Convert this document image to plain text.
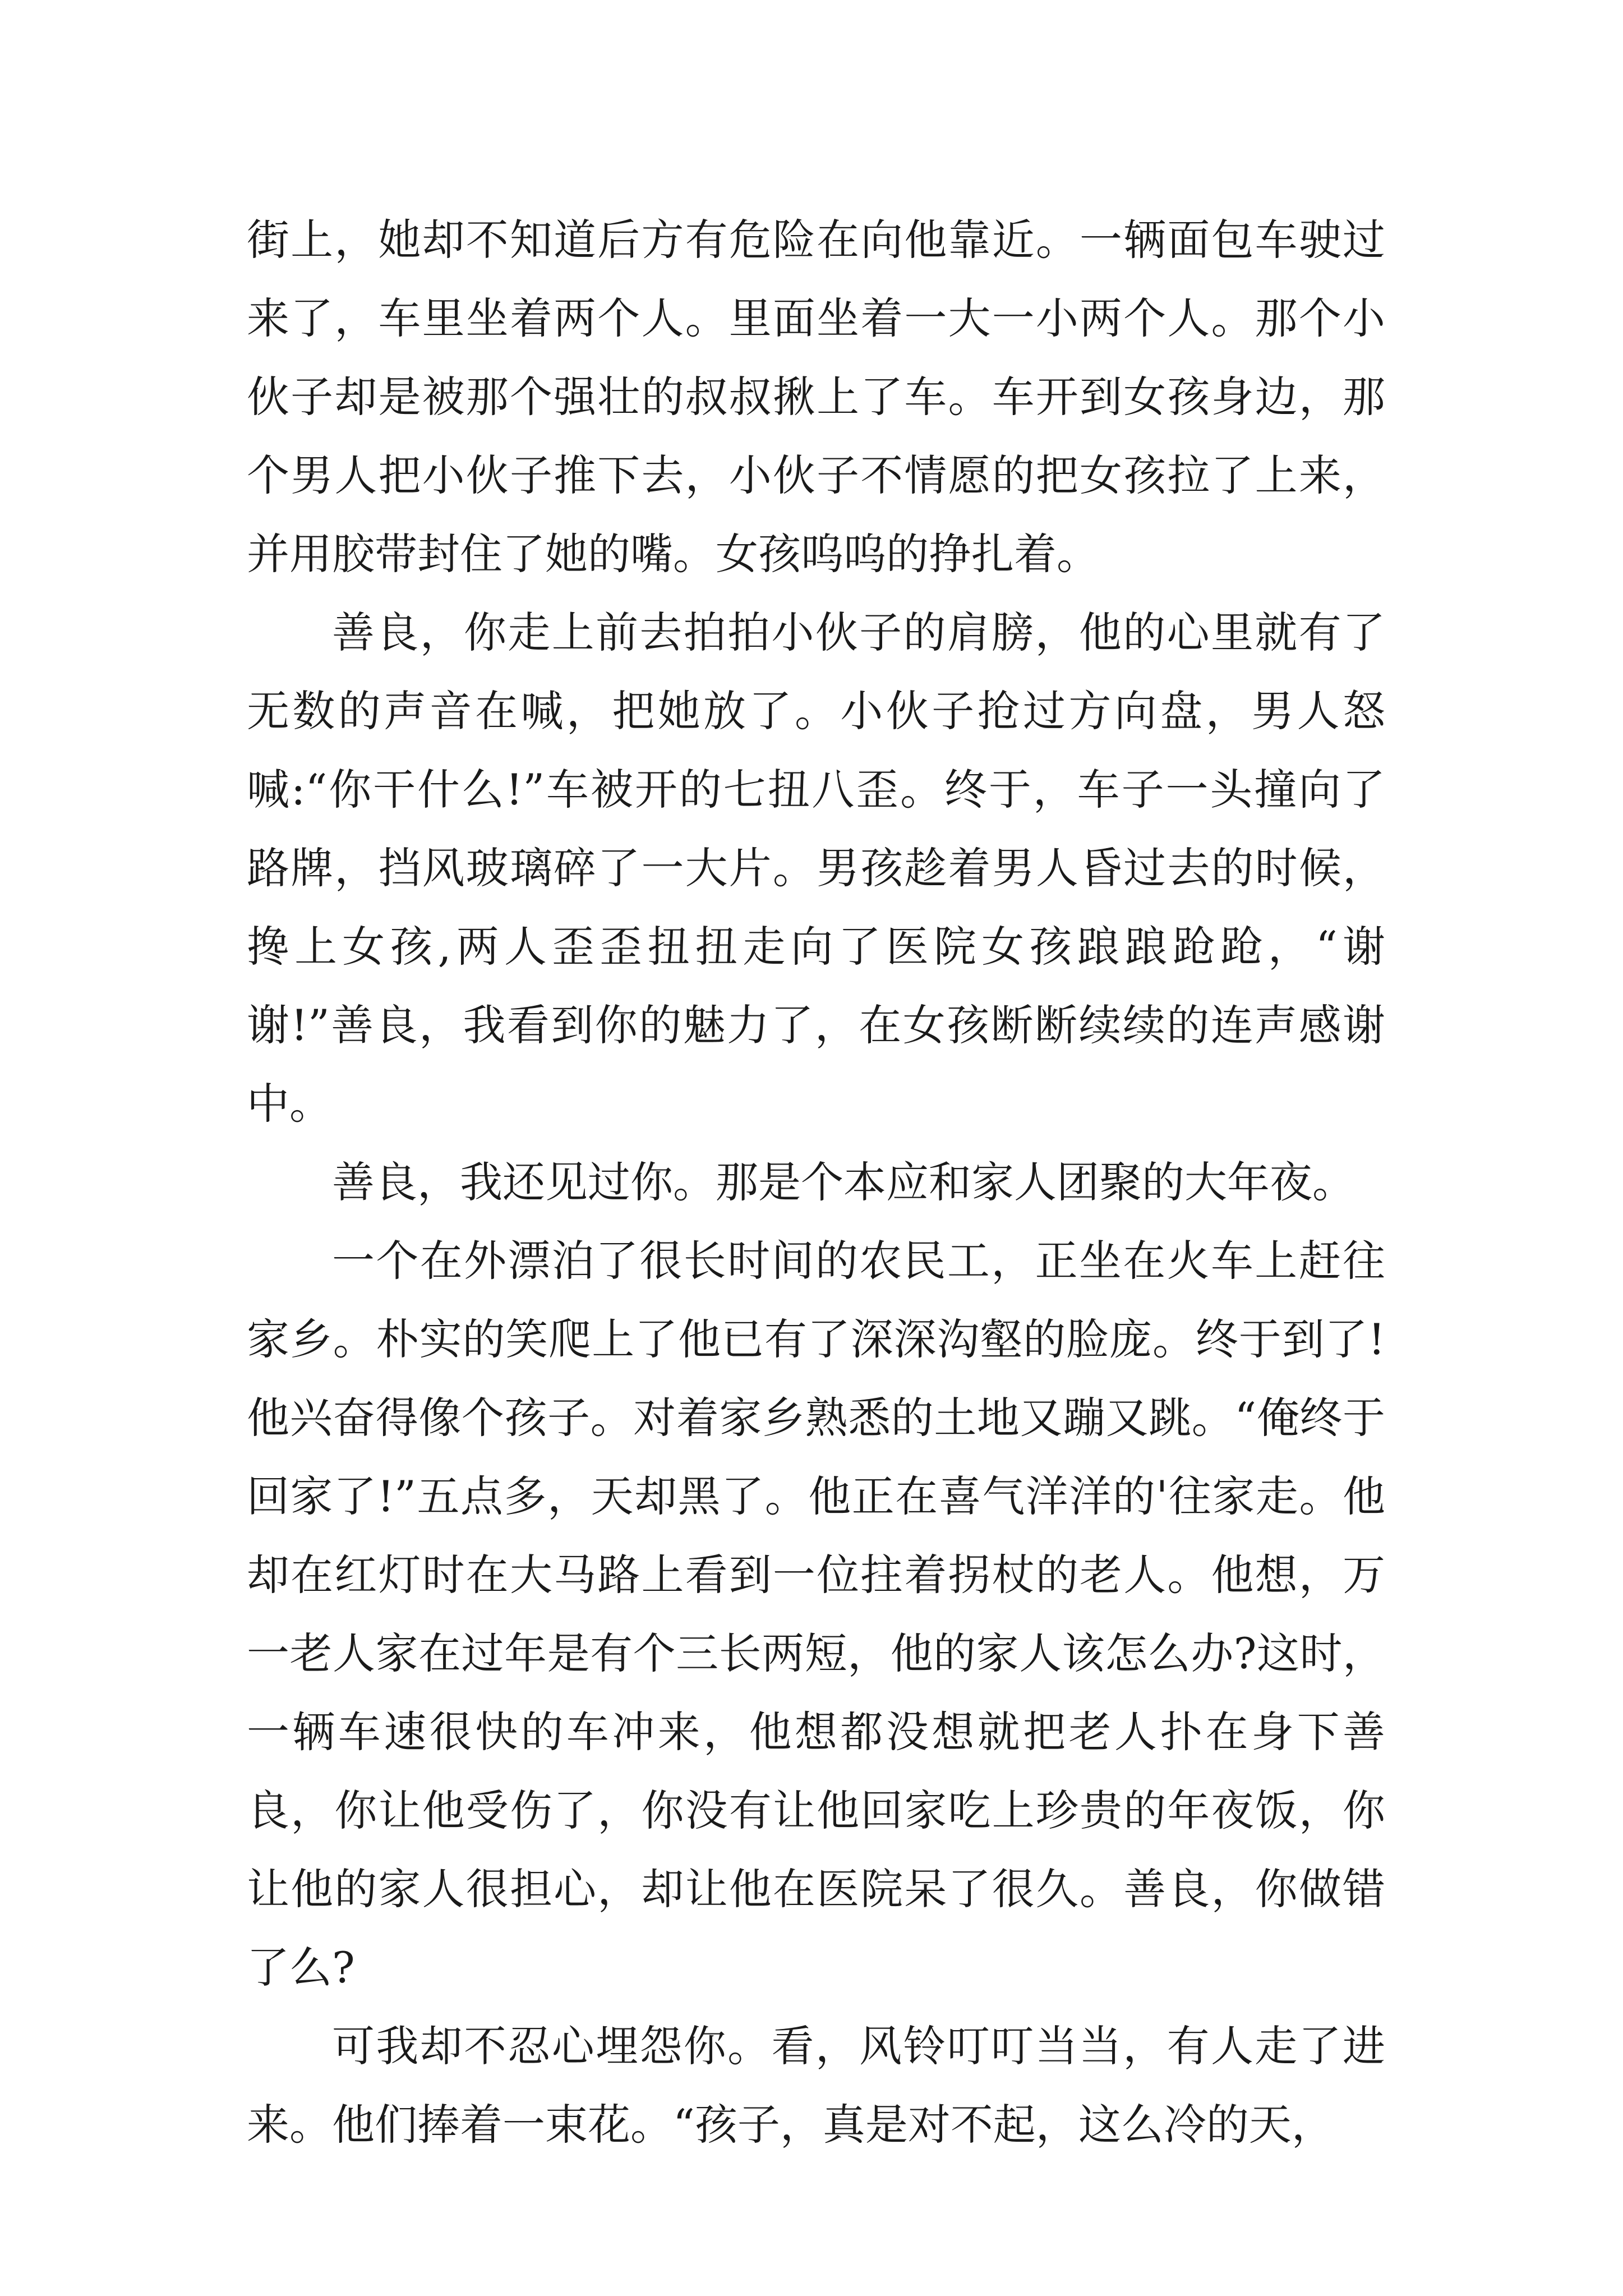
街上，她却不知道后方有危险在向他靠近。一辆面包车驶过来了，车里坐着两个人。里面坐着一大一小两个人。那个小伙子却是被那个强壮的叔叔揪上了车。车开到女孩身边，那个男人把小伙子推下去，小伙子不情愿的把女孩拉了上来，并用胶带封住了她的嘴。女孩呜呜的挣扎着。

善良，你走上前去拍拍小伙子的肩膀，他的心里就有了无数的声音在喊，把她放了。小伙子抢过方向盘，男人怒喊:“你干什么!”车被开的七扭八歪。终于，车子一头撞向了路牌，挡风玻璃碎了一大片。男孩趁着男人昏过去的时候，搀上女孩,两人歪歪扭扭走向了医院女孩踉踉跄跄，“谢谢!”善良，我看到你的魅力了，在女孩断断续续的连声感谢中。

善良，我还见过你。那是个本应和家人团聚的大年夜。

一个在外漂泊了很长时间的农民工，正坐在火车上赶往家乡。朴实的笑爬上了他已有了深深沟壑的脸庞。终于到了!他兴奋得像个孩子。对着家乡熟悉的土地又蹦又跳。“俺终于回家了!”五点多，天却黑了。他正在喜气洋洋的'往家走。他却在红灯时在大马路上看到一位拄着拐杖的老人。他想，万一老人家在过年是有个三长两短，他的家人该怎么办?这时，一辆车速很快的车冲来，他想都没想就把老人扑在身下善良，你让他受伤了，你没有让他回家吃上珍贵的年夜饭，你让他的家人很担心，却让他在医院呆了很久。善良，你做错了么?

可我却不忍心埋怨你。看，风铃叮叮当当，有人走了进来。他们捧着一束花。“孩子，真是对不起，这么冷的天，
